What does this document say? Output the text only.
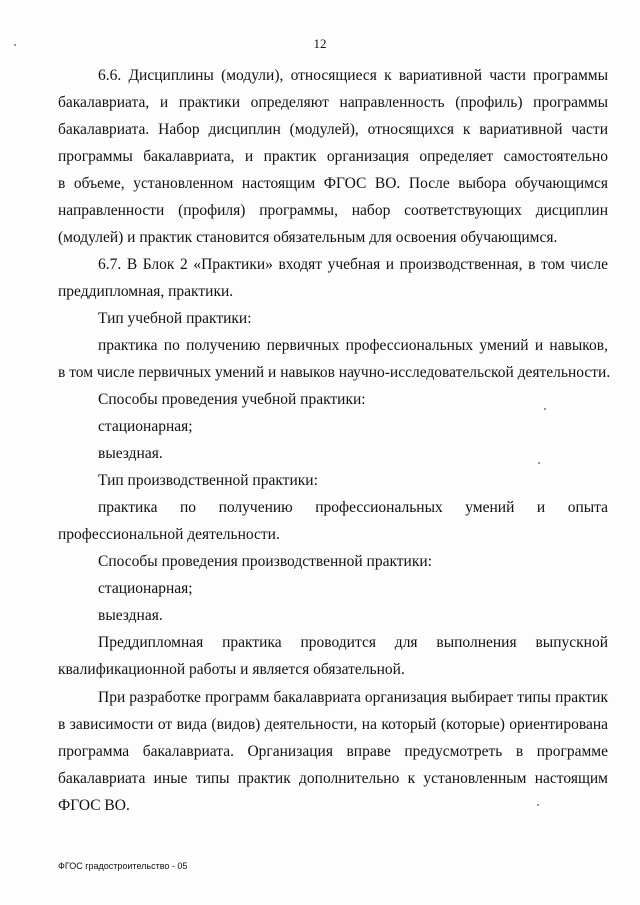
12
6.6. Дисциплины (модули), относящиеся к вариативной части программы
бакалавриата, и практики определяют направленность (профиль) программы
бакалавриата. Набор дисциплин (модулей), относящихся к вариативной части
программы бакалавриата, и практик организация определяет самостоятельно
в объеме, установленном настоящим ФГОС ВО. После выбора обучающимся
направленности (профиля) программы, набор соответствующих дисциплин
(модулей) и практик становится обязательным для освоения обучающимся.
6.7. В Блок 2 «Практики» входят учебная и производственная, в том числе
преддипломная, практики.
Тип учебной практики:
практика по получению первичных профессиональных умений и навыков,
в том числе первичных умений и навыков научно-исследовательской деятельности.
Способы проведения учебной практики:
стационарная;
выездная.
Тип производственной практики:
практика по получению профессиональных умений и опыта
профессиональной деятельности.
Способы проведения производственной практики:
стационарная;
выездная.
Преддипломная практика проводится для выполнения выпускной
квалификационной работы и является обязательной.
При разработке программ бакалавриата организация выбирает типы практик
в зависимости от вида (видов) деятельности, на который (которые) ориентирована
программа бакалавриата. Организация вправе предусмотреть в программе
бакалавриата иные типы практик дополнительно к установленным настоящим
ФГОС ВО.
ФГОС градостроительство - 05
